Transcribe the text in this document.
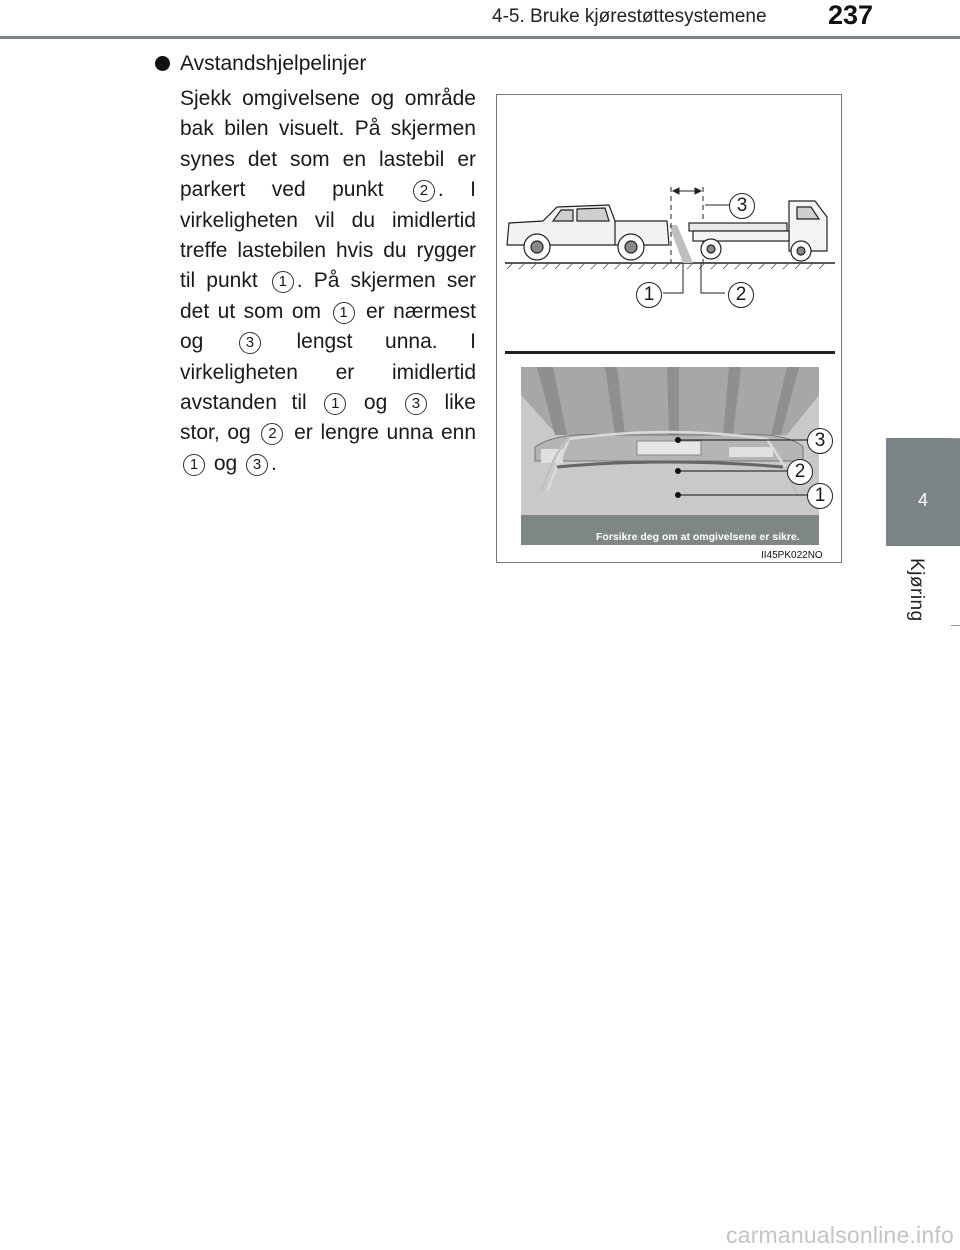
4-5. Bruke kjørestøttesystemene 237
4
Kjøring
Avstandshjelpelinjer

Sjekk omgivelsene og område bak bilen visuelt. På skjermen synes det som en lastebil er parkert ved punkt 2 . I virkeligheten vil du imidlertid treffe lastebilen hvis du rygger til punkt 1 . På skjermen ser det ut som om 1 er nærmest og 3 lengst unna. I virkeligheten er imidlertid avstanden til 1 og 3 like stor, og 2 er lengre unna enn 1 og 3 .

3
1	2
3
2
1
Forsikre deg om at omgivelsene er sikre.
II45PK022NO
carmanualsonline.info
